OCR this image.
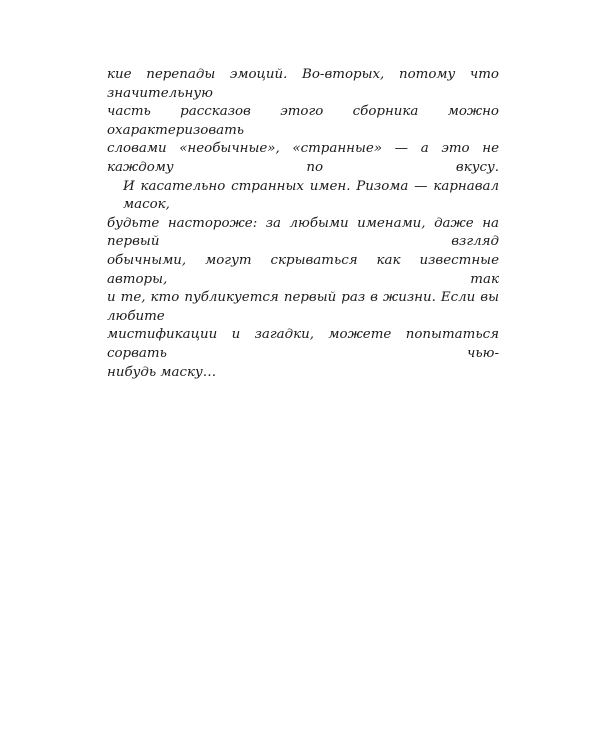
кие перепады эмоций. Во-вторых, потому что значительную
часть рассказов этого сборника можно охарактеризовать
словами «необычные», «странные» — а это не каждому по вкусу.
И касательно странных имен. Ризома — карнавал масок,
будьте настороже: за любыми именами, даже на первый взгляд
обычными, могут скрываться как известные авторы, так
и те, кто публикуется первый раз в жизни. Если вы любите
мистификации и загадки, можете попытаться сорвать чью-
нибудь маску…
